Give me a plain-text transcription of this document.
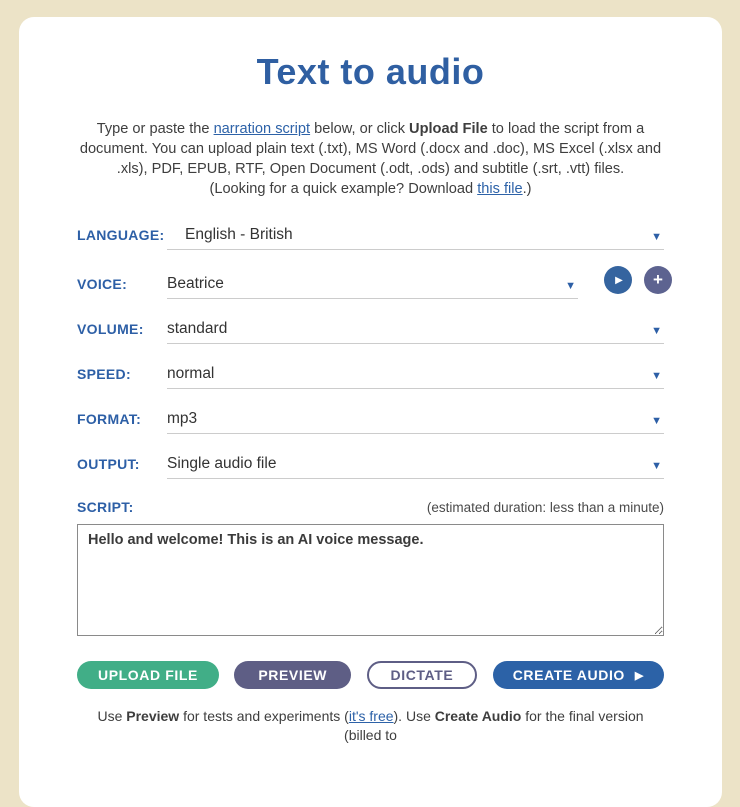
Text to audio

Type or paste the narration script below, or click Upload File to load the script from a document. You can upload plain text (.txt), MS Word (.docx and .doc), MS Excel (.xlsx and .xls), PDF, EPUB, RTF, Open Document (.odt, .ods) and subtitle (.srt, .vtt) files.
(Looking for a quick example? Download this file.)

LANGUAGE:	English - British	▼
VOICE:	Beatrice	▼	▶ +
VOLUME:	standard	▼
SPEED:	normal	▼
FORMAT:	mp3	▼
OUTPUT:	Single audio file	▼
SCRIPT:	(estimated duration: less than a minute)
Hello and welcome! This is an AI voice message.
UPLOAD FILE	PREVIEW	DICTATE	CREATE AUDIO ▶

Use Preview for tests and experiments (it's free). Use Create Audio for the final version (billed to
